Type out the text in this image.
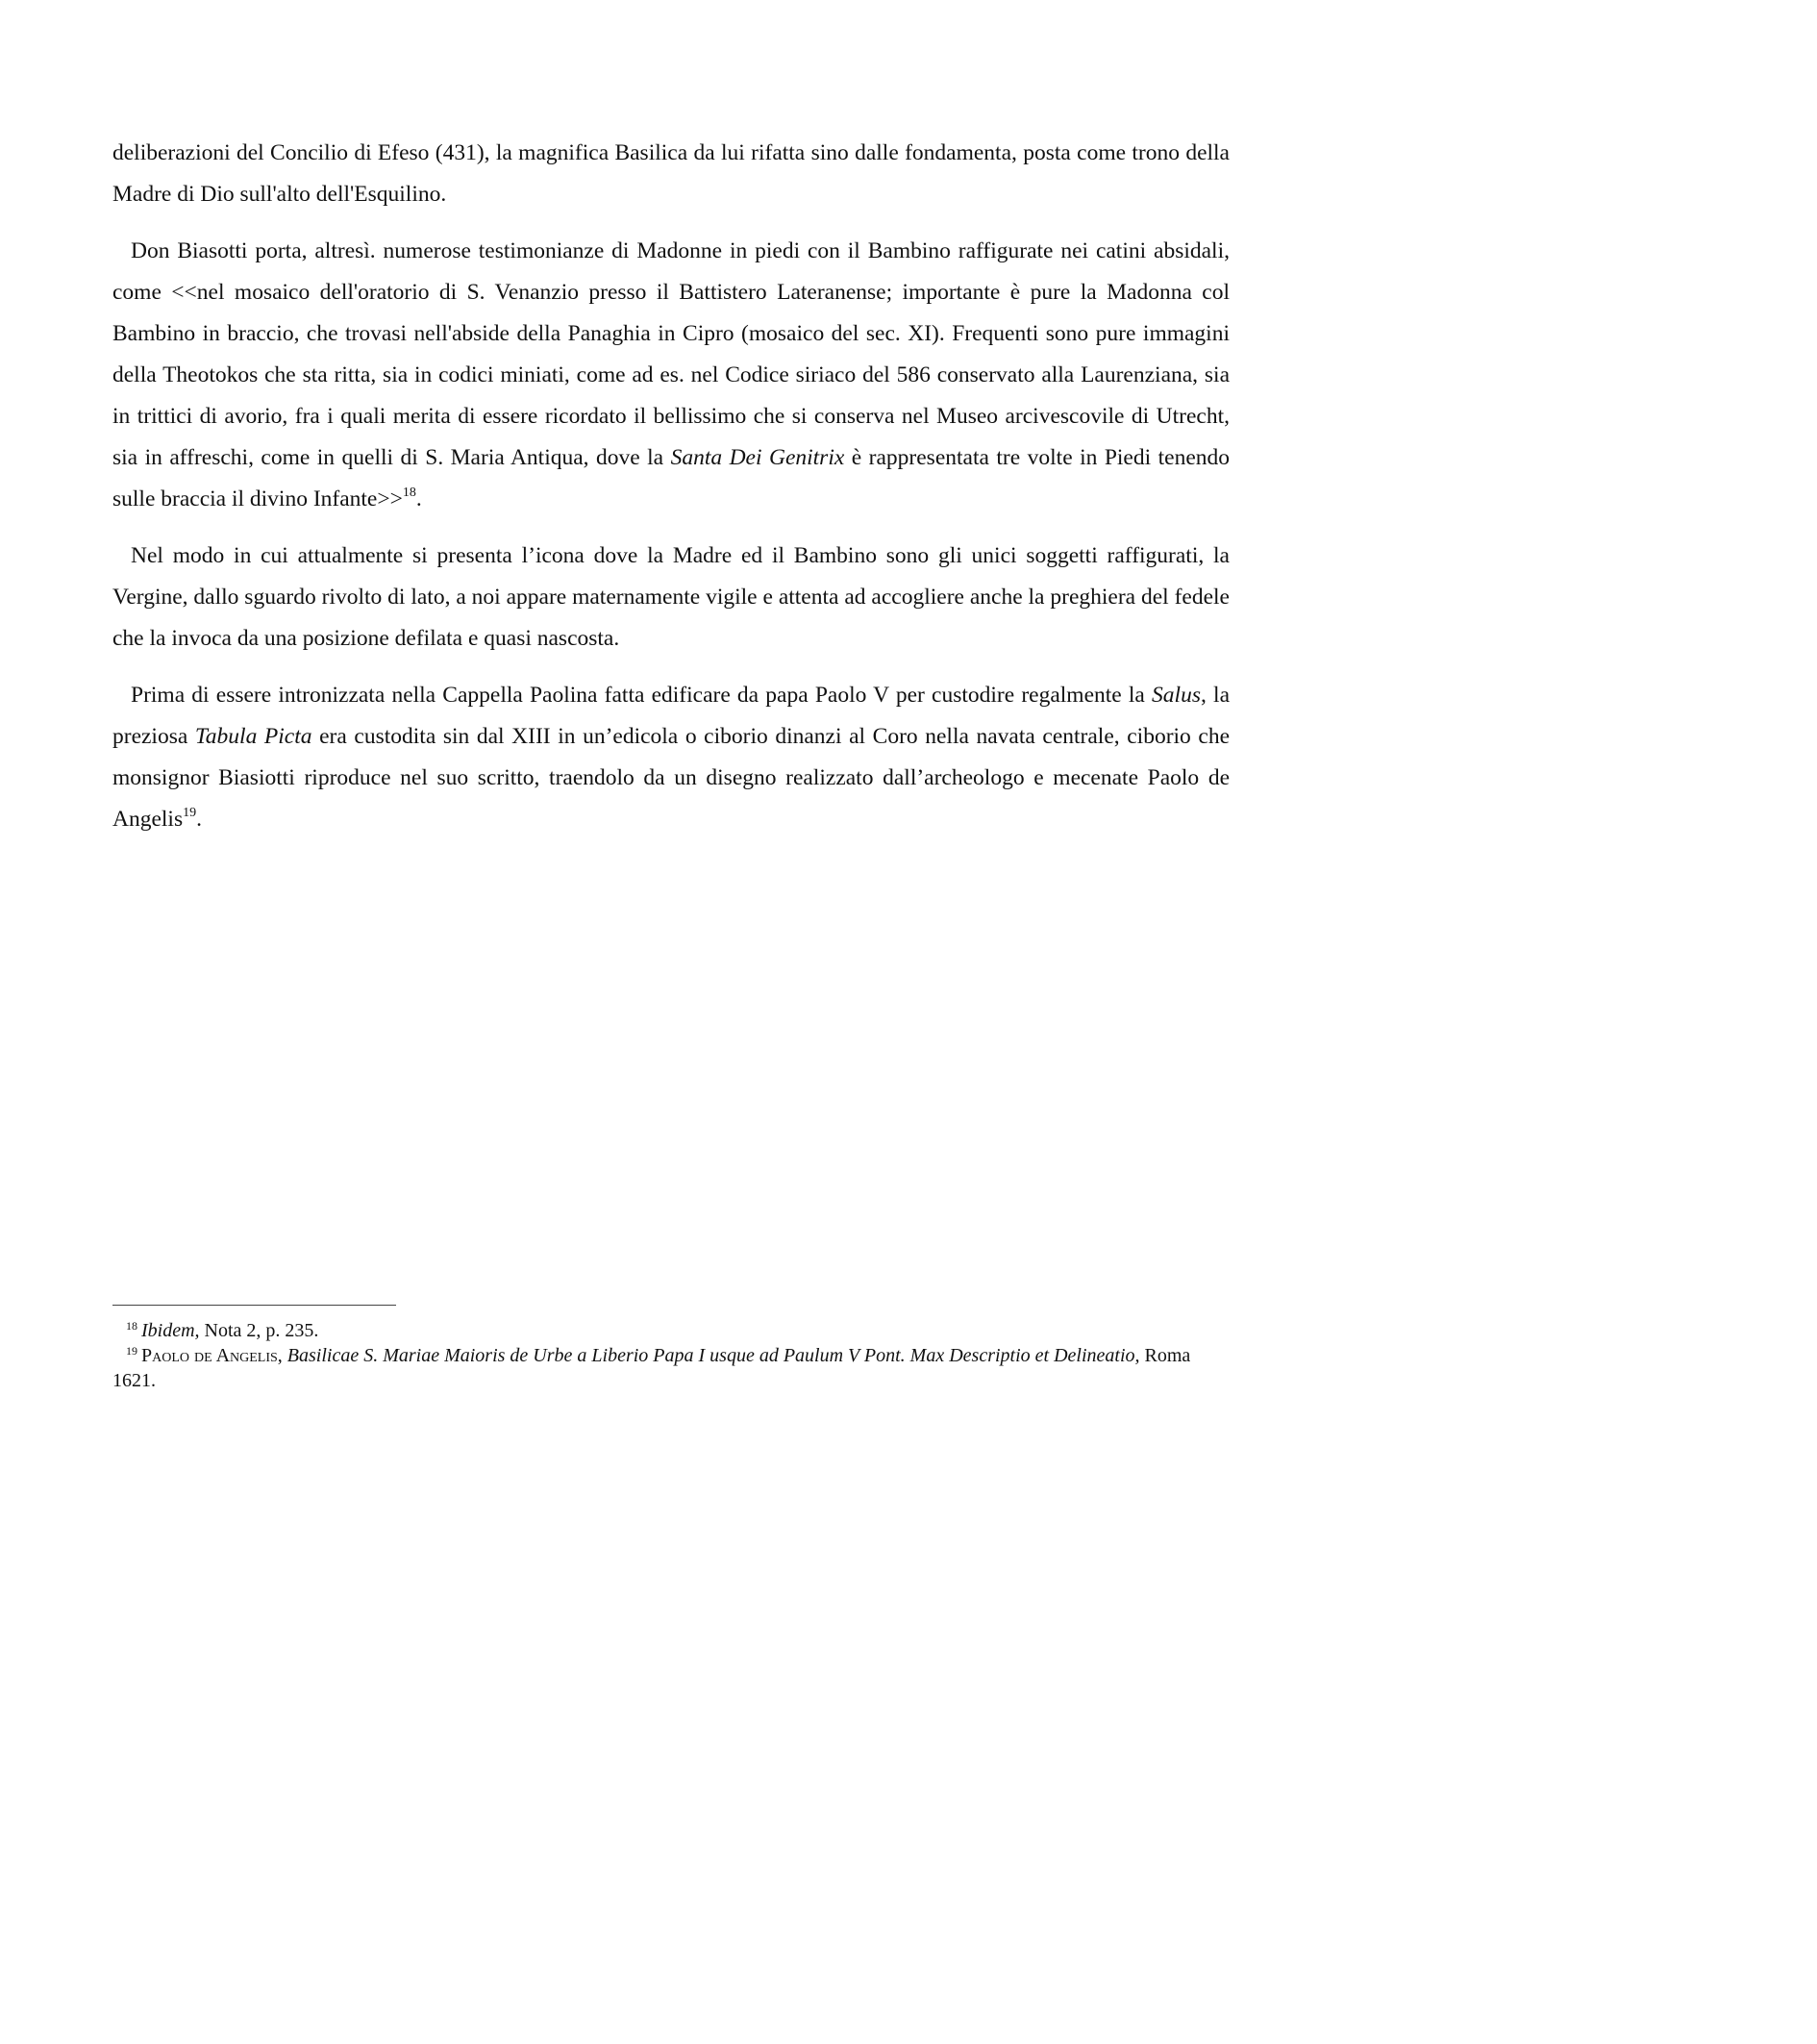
deliberazioni del Concilio di Efeso (431), la magnifica Basilica da lui rifatta sino dalle fondamenta, posta come trono della Madre di Dio sull'alto dell'Esquilino.

Don Biasotti porta, altresì. numerose testimonianze di Madonne in piedi con il Bambino raffigurate nei catini absidali, come <<nel mosaico dell'oratorio di S. Venanzio presso il Battistero Lateranense; importante è pure la Madonna col Bambino in braccio, che trovasi nell'abside della Panaghia in Cipro (mosaico del sec. XI). Frequenti sono pure immagini della Theotokos che sta ritta, sia in codici miniati, come ad es. nel Codice siriaco del 586 conservato alla Laurenziana, sia in trittici di avorio, fra i quali merita di essere ricordato il bellissimo che si conserva nel Museo arcivescovile di Utrecht, sia in affreschi, come in quelli di S. Maria Antiqua, dove la Santa Dei Genitrix è rappresentata tre volte in Piedi tenendo sulle braccia il divino Infante>>$^{18}$.

Nel modo in cui attualmente si presenta l’icona dove la Madre ed il Bambino sono gli unici soggetti raffigurati, la Vergine, dallo sguardo rivolto di lato, a noi appare maternamente vigile e attenta ad accogliere anche la preghiera del fedele che la invoca da una posizione defilata e quasi nascosta.

Prima di essere intronizzata nella Cappella Paolina fatta edificare da papa Paolo V per custodire regalmente la Salus, la preziosa Tabula Picta era custodita sin dal XIII in un’edicola o ciborio dinanzi al Coro nella navata centrale, ciborio che monsignor Biasiotti riproduce nel suo scritto, traendolo da un disegno realizzato dall’archeologo e mecenate Paolo de Angelis$^{19}$.

$^{18}$ Ibidem, Nota 2, p. 235.

$^{19}$ Paolo de Angelis, Basilicae S. Mariae Maioris de Urbe a Liberio Papa I usque ad Paulum V Pont. Max Descriptio et Delineatio, Roma 1621.
